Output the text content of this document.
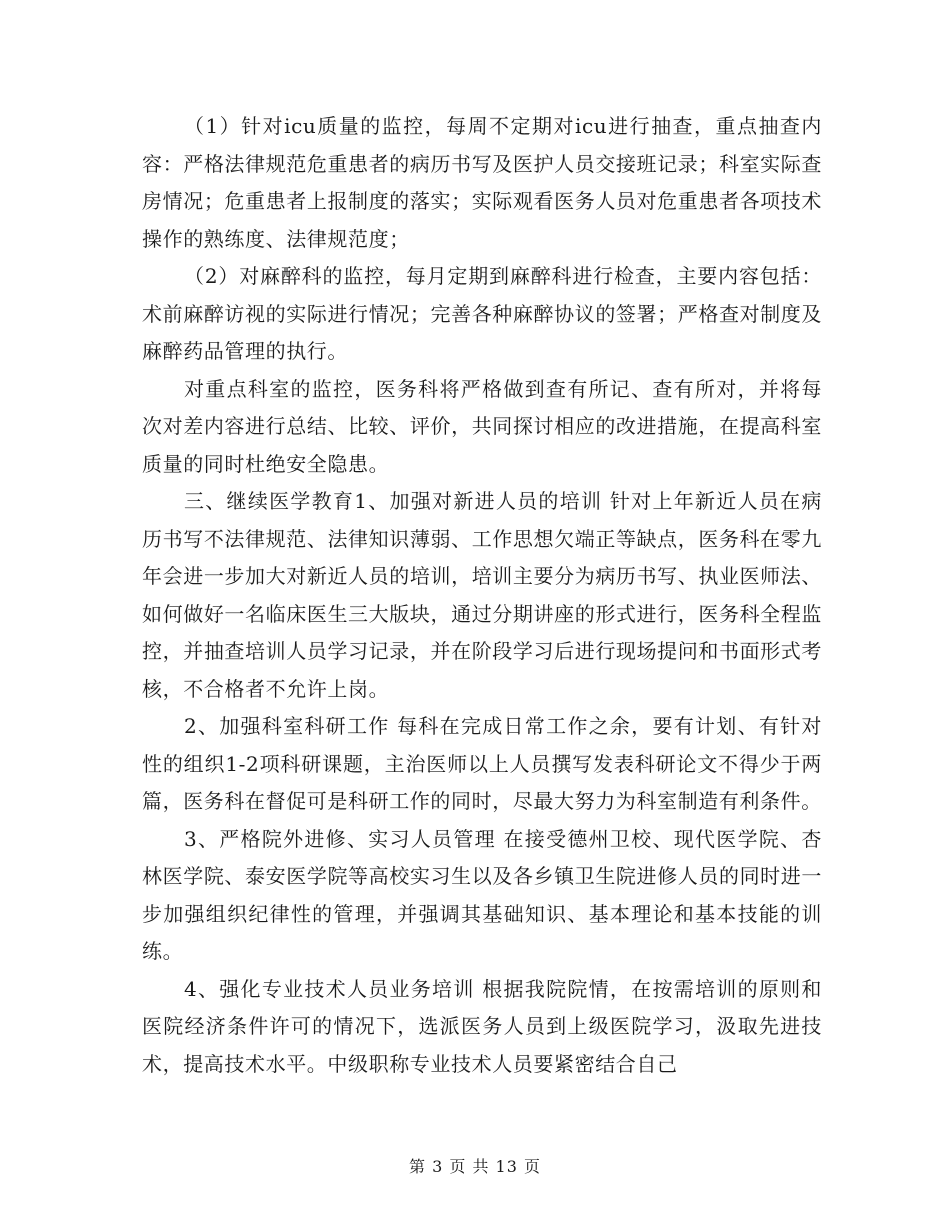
（1）针对icu质量的监控，每周不定期对icu进行抽查，重点抽查内容：严格法律规范危重患者的病历书写及医护人员交接班记录；科室实际查房情况；危重患者上报制度的落实；实际观看医务人员对危重患者各项技术操作的熟练度、法律规范度；

（2）对麻醉科的监控，每月定期到麻醉科进行检查，主要内容包括：术前麻醉访视的实际进行情况；完善各种麻醉协议的签署；严格查对制度及麻醉药品管理的执行。

对重点科室的监控，医务科将严格做到查有所记、查有所对，并将每次对差内容进行总结、比较、评价，共同探讨相应的改进措施，在提高科室质量的同时杜绝安全隐患。

三、继续医学教育1、加强对新进人员的培训 针对上年新近人员在病历书写不法律规范、法律知识薄弱、工作思想欠端正等缺点，医务科在零九年会进一步加大对新近人员的培训，培训主要分为病历书写、执业医师法、如何做好一名临床医生三大版块，通过分期讲座的形式进行，医务科全程监控，并抽查培训人员学习记录，并在阶段学习后进行现场提问和书面形式考核，不合格者不允许上岗。

2、加强科室科研工作 每科在完成日常工作之余，要有计划、有针对性的组织1-2项科研课题，主治医师以上人员撰写发表科研论文不得少于两篇，医务科在督促可是科研工作的同时，尽最大努力为科室制造有利条件。

3、严格院外进修、实习人员管理 在接受德州卫校、现代医学院、杏林医学院、泰安医学院等高校实习生以及各乡镇卫生院进修人员的同时进一步加强组织纪律性的管理，并强调其基础知识、基本理论和基本技能的训练。

4、强化专业技术人员业务培训 根据我院院情，在按需培训的原则和医院经济条件许可的情况下，选派医务人员到上级医院学习，汲取先进技术，提高技术水平。中级职称专业技术人员要紧密结合自己

第 3 页 共 13 页
